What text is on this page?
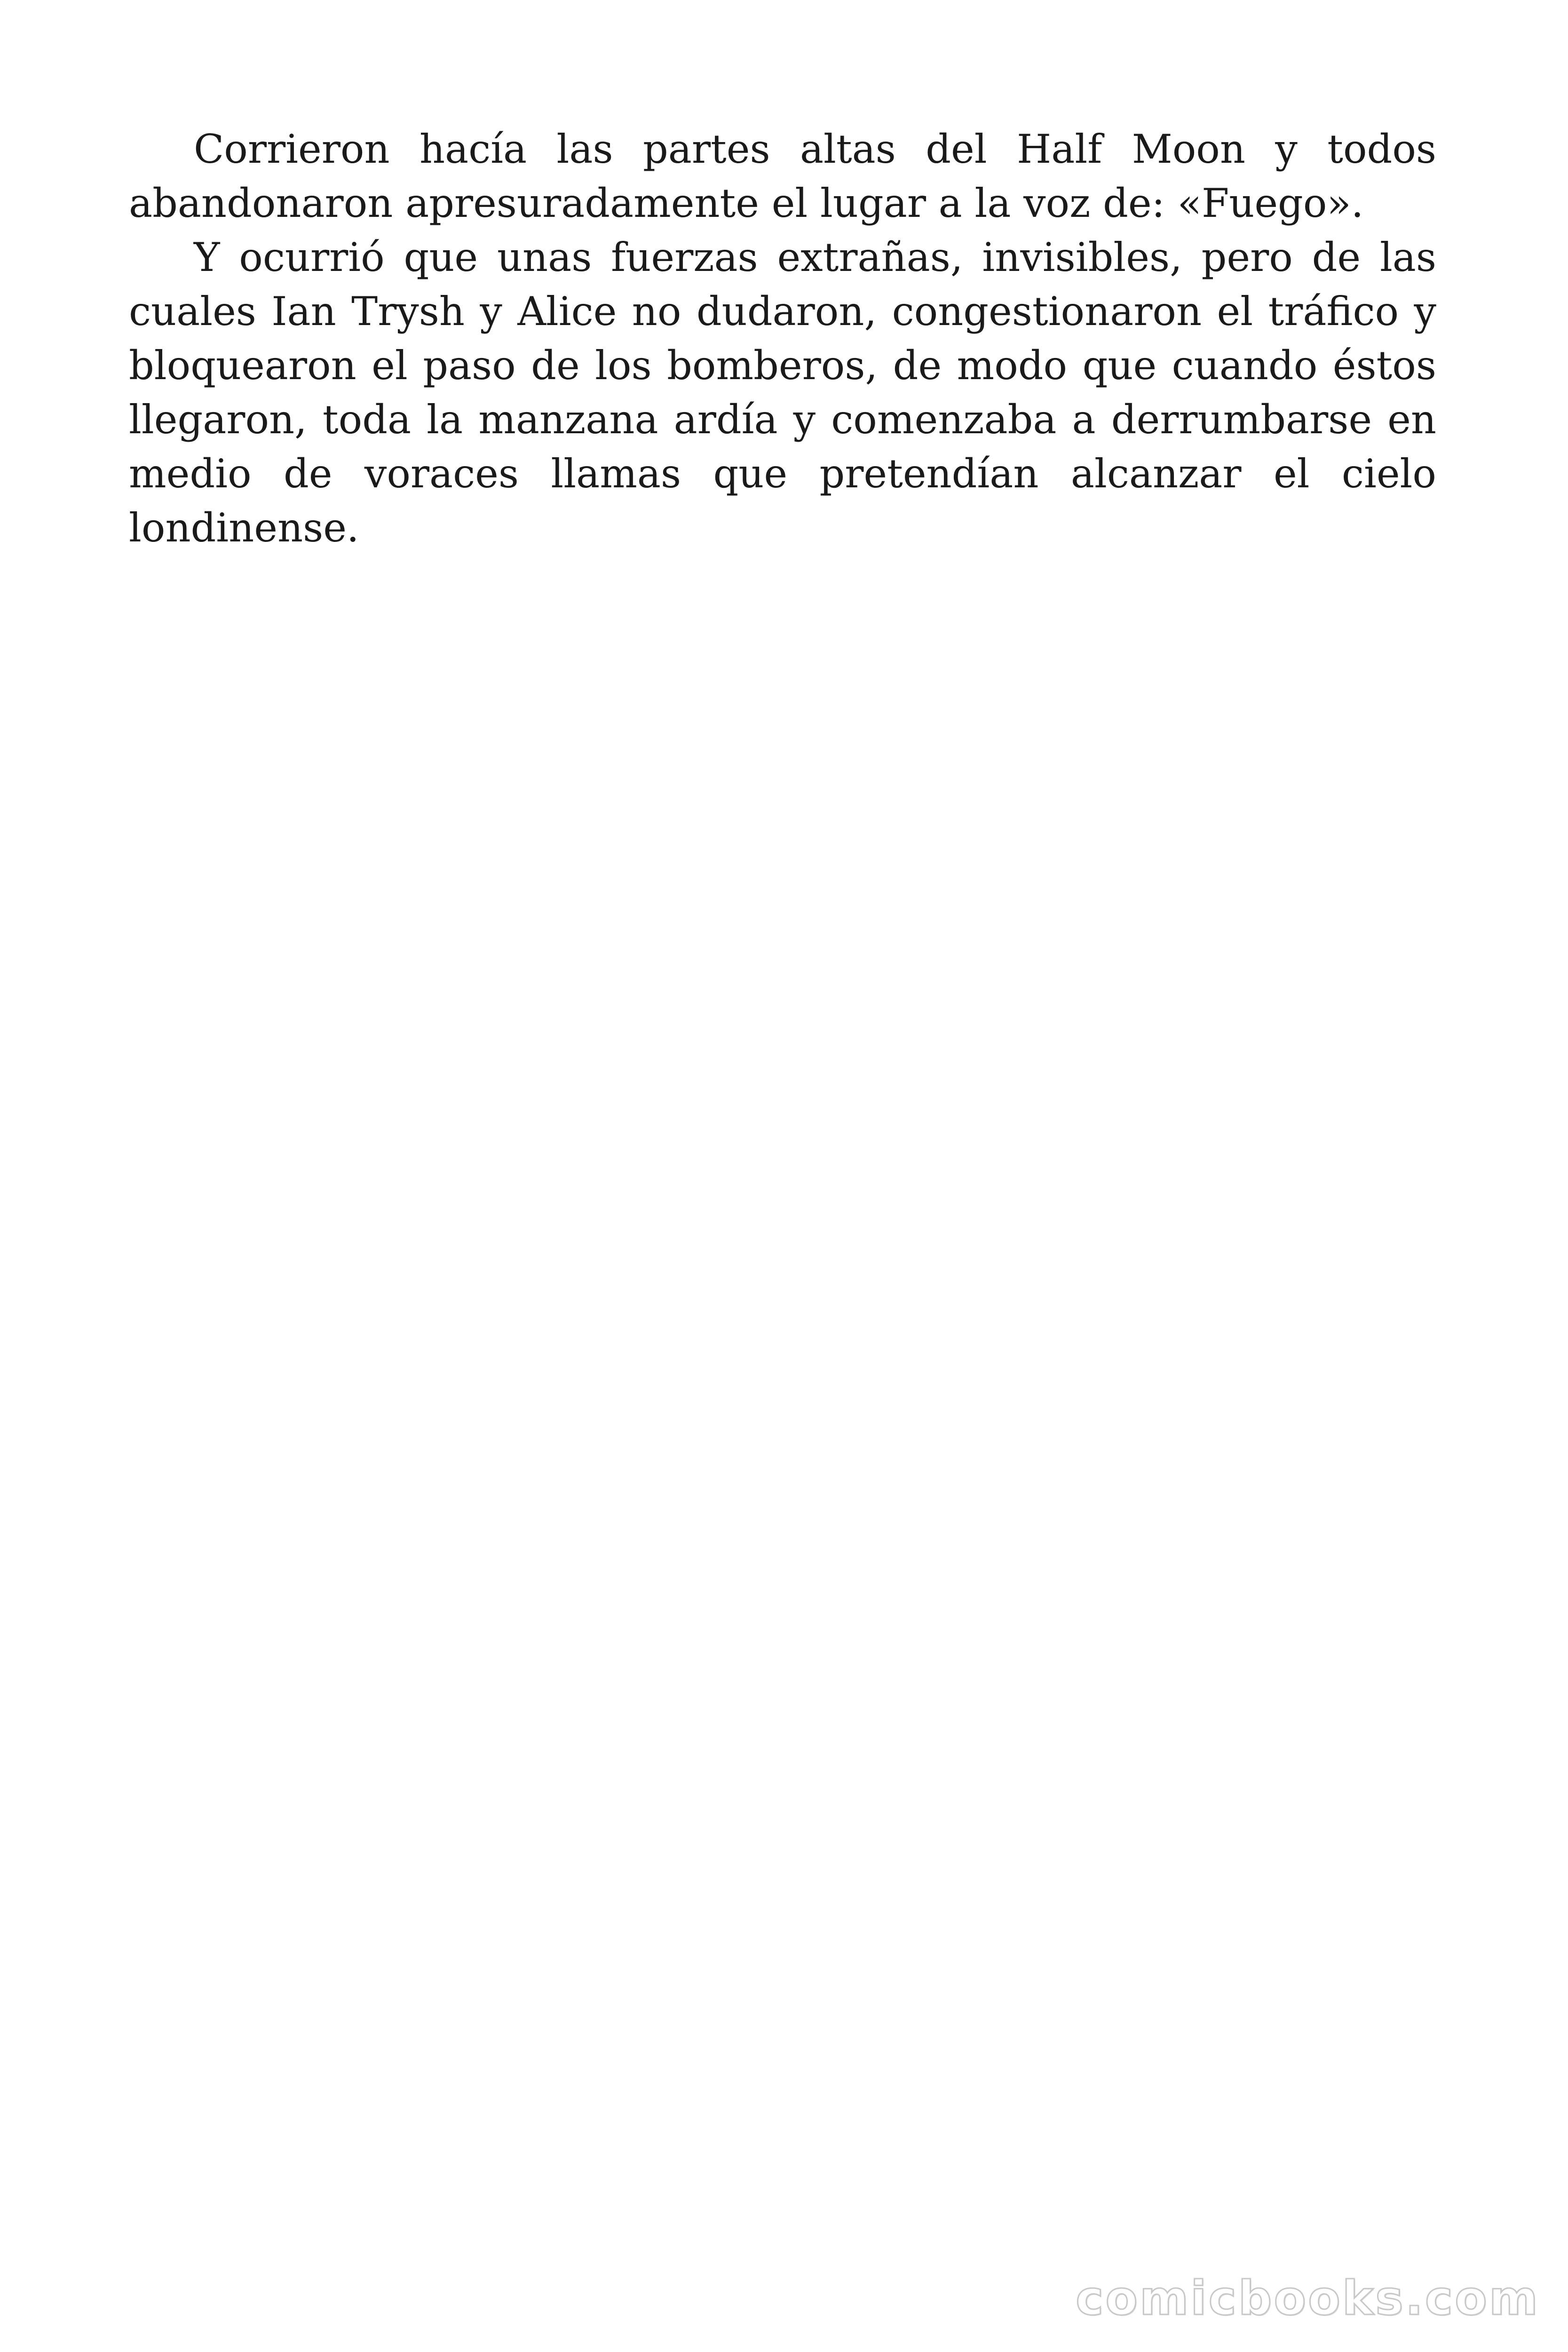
Corrieron hacía las partes altas del Half Moon y todos abandonaron apresuradamente el lugar a la voz de: «Fuego».

Y ocurrió que unas fuerzas extrañas, invisibles, pero de las cuales Ian Trysh y Alice no dudaron, congestionaron el tráfico y bloquearon el paso de los bomberos, de modo que cuando éstos llegaron, toda la manzana ardía y comenzaba a derrumbarse en medio de voraces llamas que pretendían alcanzar el cielo londinense.

comicbooks.com
